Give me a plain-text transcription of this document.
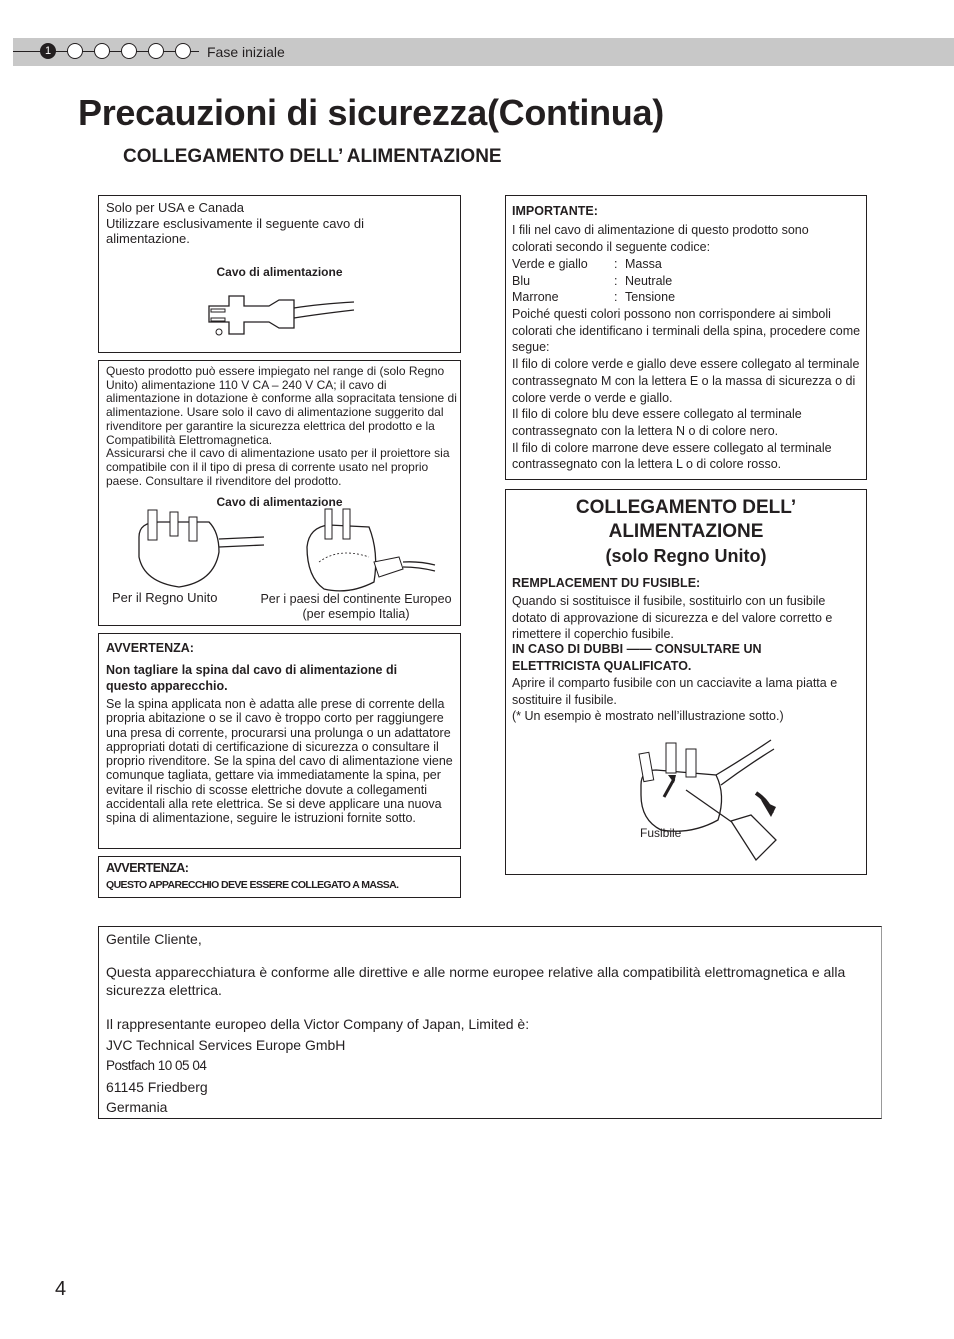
1	Fase iniziale
Precauzioni di sicurezza(Continua)
COLLEGAMENTO DELL’ ALIMENTAZIONE

Solo per USA e Canada

Utilizzare esclusivamente il seguente cavo di alimentazione.

Cavo di alimentazione

Questo prodotto può essere impiegato nel range di (solo Regno Unito) alimentazione 110 V CA – 240 V CA; il cavo di alimentazione in dotazione è conforme alla sopracitata tensione di alimentazione. Usare solo il cavo di alimentazione suggerito dal rivenditore per garantire la sicurezza elettrica del prodotto e la Compatibilità Elettromagnetica.
Assicurarsi che il cavo di alimentazione usato per il proiettore sia compatibile con il il tipo di presa di corrente usato nel proprio paese. Consultare il rivenditore del prodotto.

Cavo di alimentazione
Per il Regno Unito	Per i paesi del continente Europeo
(per esempio Italia)

AVVERTENZA:

Non tagliare la spina dal cavo di alimentazione di questo apparecchio.

Se la spina applicata non è adatta alle prese di corrente della propria abitazione o se il cavo è troppo corto per raggiungere una presa di corrente, procurarsi una prolunga o un adattatore appropriati dotati di certificazione di sicurezza o consultare il proprio rivenditore. Se la spina del cavo di alimentazione viene comunque tagliata, gettare via immediatamente la spina, per evitare il rischio di scosse elettriche dovute a collegamenti accidentali alla rete elettrica. Se si deve applicare una nuova spina di alimentazione, seguire le istruzioni fornite sotto.

AVVERTENZA:

QUESTO APPARECCHIO DEVE ESSERE COLLEGATO A MASSA.

IMPORTANTE:

I fili nel cavo di alimentazione di questo prodotto sono colorati secondo il seguente codice:

Verde e giallo : Massa
Blu	: Neutrale
Marrone	: Tensione

Poiché questi colori possono non corrispondere ai simboli colorati che identificano i terminali della spina, procedere come segue:
Il filo di colore verde e giallo deve essere collegato al terminale contrassegnato M con la lettera E o la massa di sicurezza o di colore verde o verde e giallo.
Il filo di colore blu deve essere collegato al terminale contrassegnato con la lettera N o di colore nero.
Il filo di colore marrone deve essere collegato al terminale contrassegnato con la lettera L o di colore rosso.

COLLEGAMENTO DELL’
ALIMENTAZIONE
(solo Regno Unito)

REMPLACEMENT DU FUSIBLE:

Quando si sostituisce il fusibile, sostituirlo con un fusibile dotato di approvazione di sicurezza e del valore corretto e rimettere il coperchio fusibile.

IN CASO DI DUBBI —— CONSULTARE UN ELETTRICISTA QUALIFICATO.

Aprire il comparto fusibile con un cacciavite a lama piatta e sostituire il fusibile.
(* Un esempio è mostrato nell’illustrazione sotto.)

Fusibile

Gentile Cliente,

Questa apparecchiatura è conforme alle direttive e alle norme europee relative alla compatibilità elettromagnetica e alla sicurezza elettrica.

Il rappresentante europeo della Victor Company of Japan, Limited è:

JVC Technical Services Europe GmbH

Postfach 10 05 04

61145 Friedberg

Germania

4
